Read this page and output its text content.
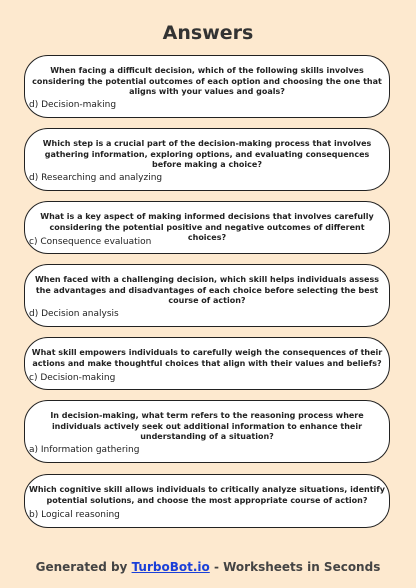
Answers
When facing a difficult decision, which of the following skills involves considering the potential outcomes of each option and choosing the one that aligns with your values and goals?
d) Decision-making
Which step is a crucial part of the decision-making process that involves gathering information, exploring options, and evaluating consequences before making a choice?
d) Researching and analyzing
What is a key aspect of making informed decisions that involves carefully considering the potential positive and negative outcomes of different choices?
c) Consequence evaluation
When faced with a challenging decision, which skill helps individuals assess the advantages and disadvantages of each choice before selecting the best course of action?
d) Decision analysis
What skill empowers individuals to carefully weigh the consequences of their actions and make thoughtful choices that align with their values and beliefs?
c) Decision-making
In decision-making, what term refers to the reasoning process where individuals actively seek out additional information to enhance their understanding of a situation?
a) Information gathering
Which cognitive skill allows individuals to critically analyze situations, identify potential solutions, and choose the most appropriate course of action?
b) Logical reasoning
Generated by TurboBot.io - Worksheets in Seconds
